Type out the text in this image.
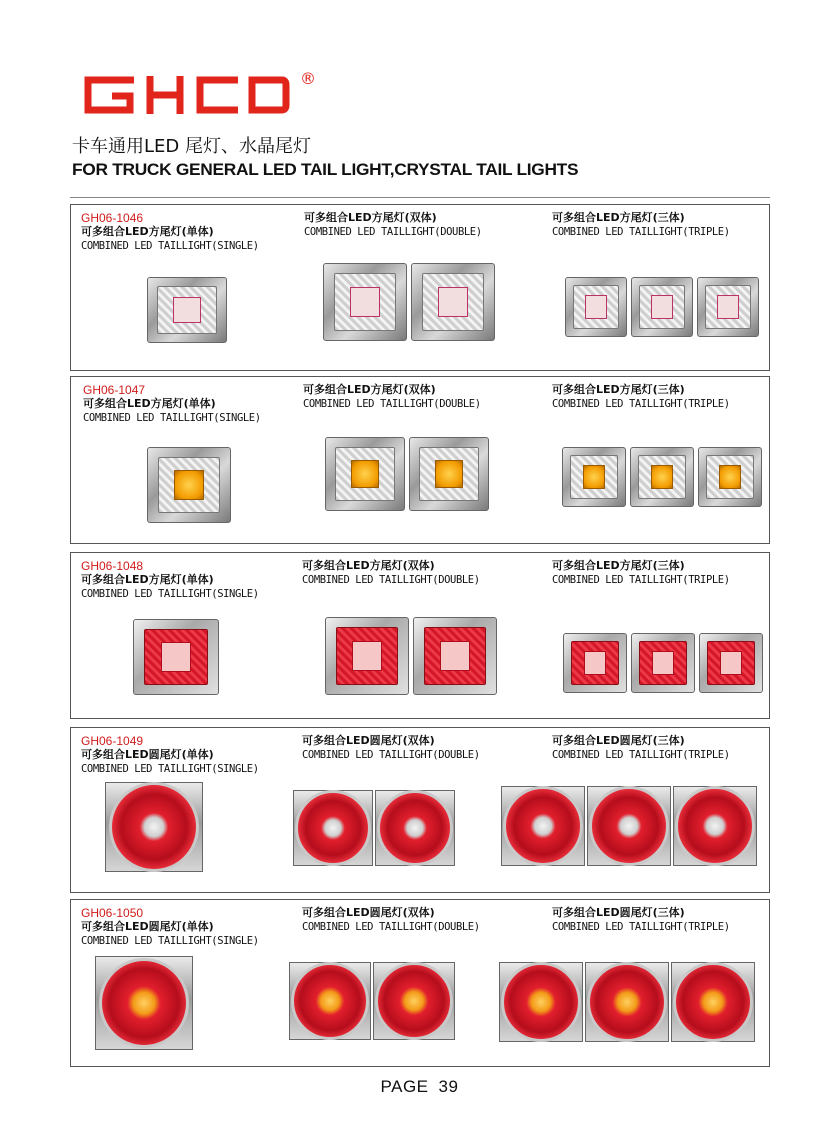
®
卡车通用LED 尾灯、水晶尾灯
FOR TRUCK GENERAL LED TAIL LIGHT,CRYSTAL TAIL LIGHTS
GH06-1046
可多组合LED方尾灯(单体)
COMBINED LED TAILLIGHT(SINGLE)
可多组合LED方尾灯(双体)
COMBINED LED TAILLIGHT(DOUBLE)
可多组合LED方尾灯(三体)
COMBINED LED TAILLIGHT(TRIPLE)
GH06-1047
可多组合LED方尾灯(单体)
COMBINED LED TAILLIGHT(SINGLE)
可多组合LED方尾灯(双体)
COMBINED LED TAILLIGHT(DOUBLE)
可多组合LED方尾灯(三体)
COMBINED LED TAILLIGHT(TRIPLE)
GH06-1048
可多组合LED方尾灯(单体)
COMBINED LED TAILLIGHT(SINGLE)
可多组合LED方尾灯(双体)
COMBINED LED TAILLIGHT(DOUBLE)
可多组合LED方尾灯(三体)
COMBINED LED TAILLIGHT(TRIPLE)
GH06-1049
可多组合LED圆尾灯(单体)
COMBINED LED TAILLIGHT(SINGLE)
可多组合LED圆尾灯(双体)
COMBINED LED TAILLIGHT(DOUBLE)
可多组合LED圆尾灯(三体)
COMBINED LED TAILLIGHT(TRIPLE)
GH06-1050
可多组合LED圆尾灯(单体)
COMBINED LED TAILLIGHT(SINGLE)
可多组合LED圆尾灯(双体)
COMBINED LED TAILLIGHT(DOUBLE)
可多组合LED圆尾灯(三体)
COMBINED LED TAILLIGHT(TRIPLE)
PAGE 39
